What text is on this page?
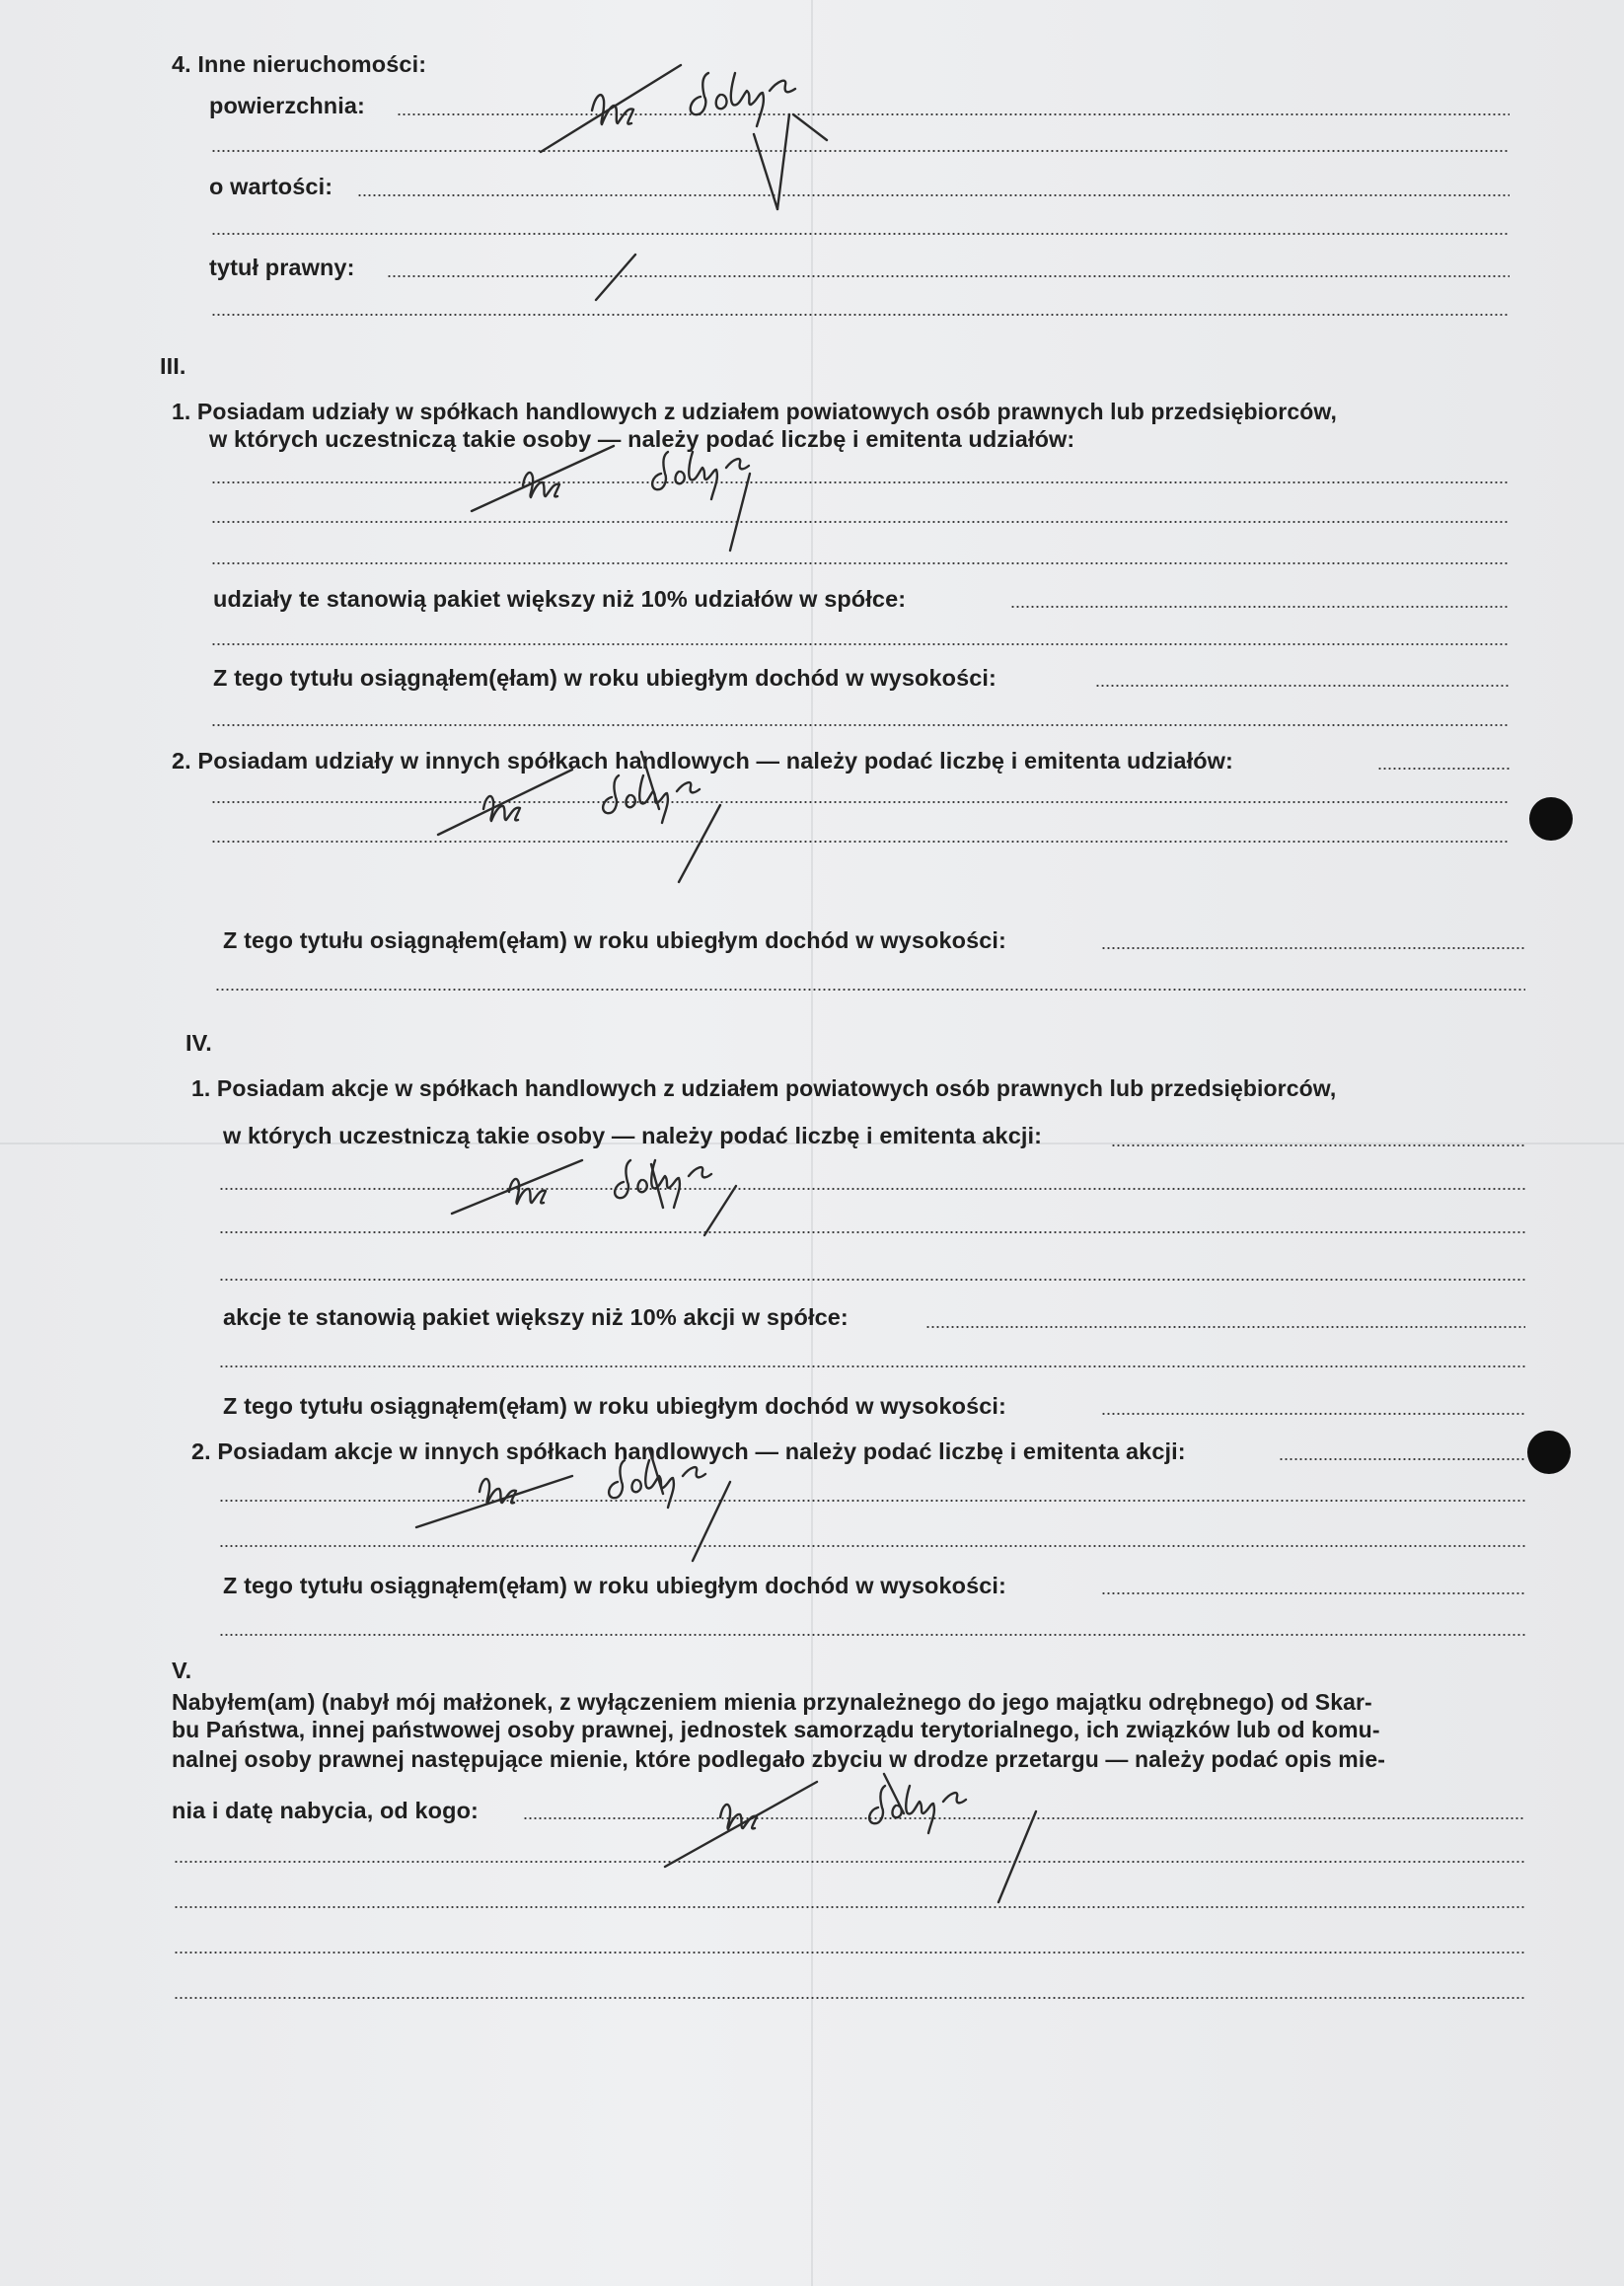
4. Inne nieruchomości:
powierzchnia:
o wartości:
tytuł prawny:
III.
1. Posiadam udziały w spółkach handlowych z udziałem powiatowych osób prawnych lub przedsiębiorców,
w których uczestniczą takie osoby — należy podać liczbę i emitenta udziałów:
udziały te stanowią pakiet większy niż 10% udziałów w spółce:
Z tego tytułu osiągnąłem(ęłam) w roku ubiegłym dochód w wysokości:
2. Posiadam udziały w innych spółkach handlowych — należy podać liczbę i emitenta udziałów:
Z tego tytułu osiągnąłem(ęłam) w roku ubiegłym dochód w wysokości:
IV.
1. Posiadam akcje w spółkach handlowych z udziałem powiatowych osób prawnych lub przedsiębiorców,
w których uczestniczą takie osoby — należy podać liczbę i emitenta akcji:
akcje te stanowią pakiet większy niż 10% akcji w spółce:
Z tego tytułu osiągnąłem(ęłam) w roku ubiegłym dochód w wysokości:
2. Posiadam akcje w innych spółkach handlowych — należy podać liczbę i emitenta akcji:
Z tego tytułu osiągnąłem(ęłam) w roku ubiegłym dochód w wysokości:
V.
Nabyłem(am) (nabył mój małżonek, z wyłączeniem mienia przynależnego do jego majątku odrębnego) od Skar-
bu Państwa, innej państwowej osoby prawnej, jednostek samorządu terytorialnego, ich związków lub od komu-
nalnej osoby prawnej następujące mienie, które podlegało zbyciu w drodze przetargu — należy podać opis mie-
nia i datę nabycia, od kogo:
